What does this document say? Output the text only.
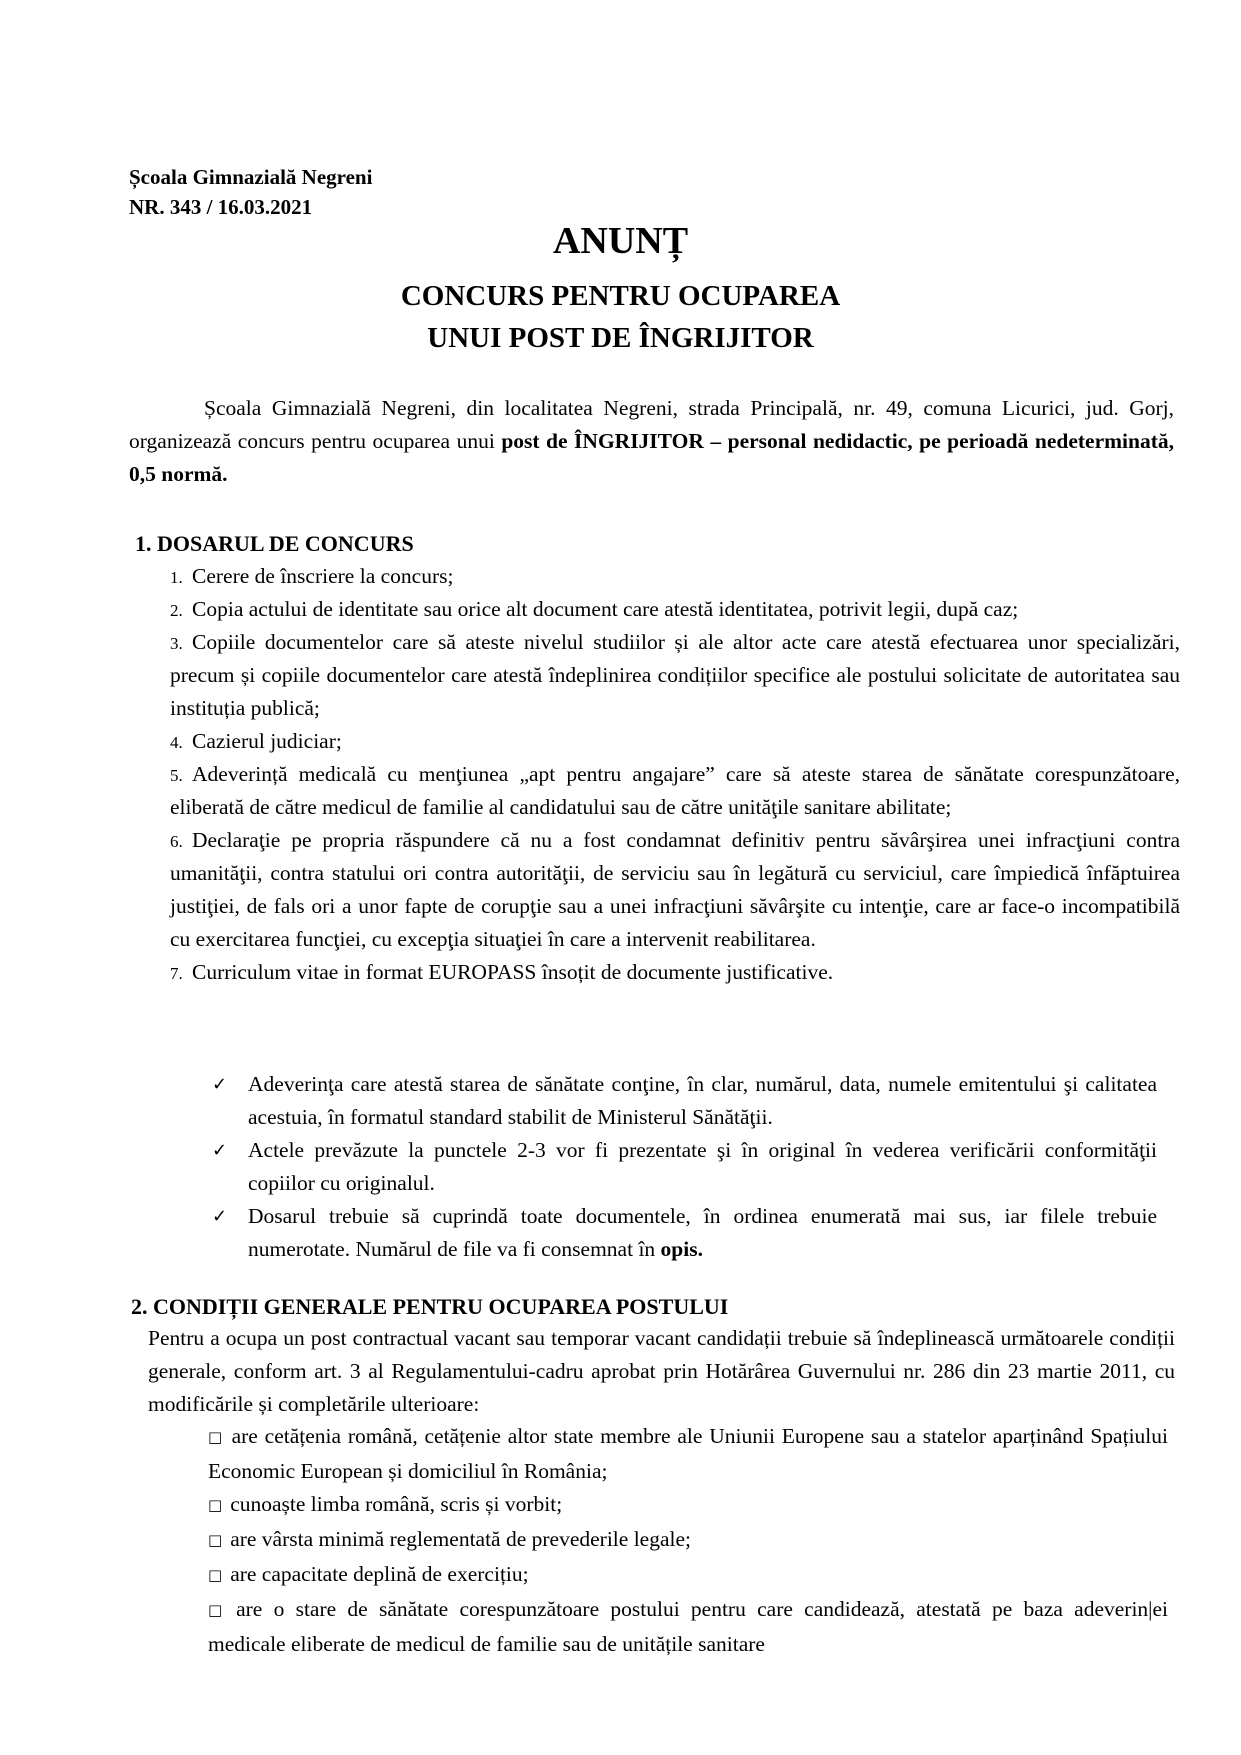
Școala Gimnazială Negreni
NR. 343 / 16.03.2021
ANUNȚ
CONCURS PENTRU OCUPAREA
UNUI POST DE ÎNGRIJITOR
Școala Gimnazială Negreni, din localitatea Negreni, strada Principală, nr. 49, comuna Licurici, jud. Gorj, organizează concurs pentru ocuparea unui post de ÎNGRIJITOR – personal nedidactic, pe perioadă nedeterminată, 0,5 normă.
1. DOSARUL DE CONCURS
1. Cerere de înscriere la concurs;
2. Copia actului de identitate sau orice alt document care atestă identitatea, potrivit legii, după caz;
3. Copiile documentelor care să ateste nivelul studiilor și ale altor acte care atestă efectuarea unor specializări, precum și copiile documentelor care atestă îndeplinirea condițiilor specifice ale postului solicitate de autoritatea sau instituția publică;
4. Cazierul judiciar;
5. Adeverință medicală cu menţiunea „apt pentru angajare” care să ateste starea de sănătate corespunzătoare, eliberată de către medicul de familie al candidatului sau de către unităţile sanitare abilitate;
6. Declaraţie pe propria răspundere că nu a fost condamnat definitiv pentru săvârşirea unei infracţiuni contra umanităţii, contra statului ori contra autorităţii, de serviciu sau în legătură cu serviciul, care împiedică înfăptuirea justiţiei, de fals ori a unor fapte de corupţie sau a unei infracţiuni săvârşite cu intenţie, care ar face-o incompatibilă cu exercitarea funcţiei, cu excepţia situaţiei în care a intervenit reabilitarea.
7. Curriculum vitae in format EUROPASS însoțit de documente justificative.
✓ Adeverinţa care atestă starea de sănătate conţine, în clar, numărul, data, numele emitentului şi calitatea acestuia, în formatul standard stabilit de Ministerul Sănătăţii.
✓ Actele prevăzute la punctele 2-3 vor fi prezentate şi în original în vederea verificării conformităţii copiilor cu originalul.
✓ Dosarul trebuie să cuprindă toate documentele, în ordinea enumerată mai sus, iar filele trebuie numerotate. Numărul de file va fi consemnat în opis.
2. CONDIȚII GENERALE PENTRU OCUPAREA POSTULUI
Pentru a ocupa un post contractual vacant sau temporar vacant candidații trebuie să îndeplinească următoarele condiții generale, conform art. 3 al Regulamentului-cadru aprobat prin Hotărârea Guvernului nr. 286 din 23 martie 2011, cu modificările și completările ulterioare:
□ are cetățenia română, cetățenie altor state membre ale Uniunii Europene sau a statelor aparținând Spațiului Economic European și domiciliul în România;
□ cunoaște limba română, scris și vorbit;
□ are vârsta minimă reglementată de prevederile legale;
□ are capacitate deplină de exercițiu;
□ are o stare de sănătate corespunzătoare postului pentru care candidează, atestată pe baza adeverin|ei medicale eliberate de medicul de familie sau de unitățile sanitare
